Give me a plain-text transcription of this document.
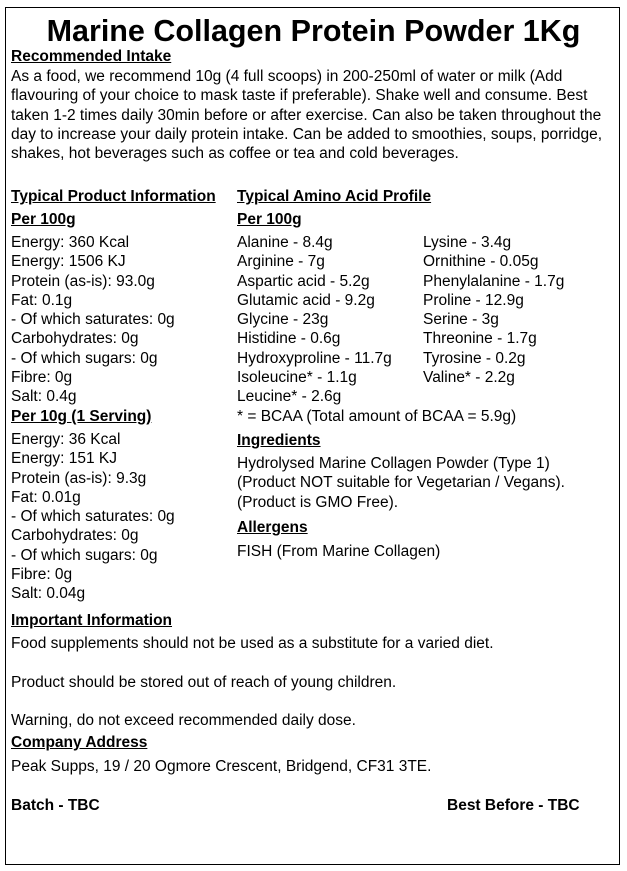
Marine Collagen Protein Powder 1Kg
Recommended Intake
As a food, we recommend 10g (4 full scoops) in 200-250ml of water or milk (Add flavouring of your choice to mask taste if preferable). Shake well and consume. Best taken 1-2 times daily 30min before or after exercise. Can also be taken throughout the day to increase your daily protein intake. Can be added to smoothies, soups, porridge, shakes, hot beverages such as coffee or tea and cold beverages.
Typical Product Information
Per 100g
Energy: 360 Kcal
Energy: 1506 KJ
Protein (as-is): 93.0g
Fat: 0.1g
- Of which saturates: 0g
Carbohydrates: 0g
- Of which sugars: 0g
Fibre: 0g
Salt: 0.4g
Per 10g (1 Serving)
Energy: 36 Kcal
Energy: 151 KJ
Protein (as-is): 9.3g
Fat: 0.01g
- Of which saturates: 0g
Carbohydrates: 0g
- Of which sugars: 0g
Fibre: 0g
Salt: 0.04g
Typical Amino Acid Profile
Per 100g
Alanine - 8.4g
Arginine - 7g
Aspartic acid - 5.2g
Glutamic acid - 9.2g
Glycine - 23g
Histidine - 0.6g
Hydroxyproline - 11.7g
Isoleucine* - 1.1g
Leucine* - 2.6g
Lysine - 3.4g
Ornithine - 0.05g
Phenylalanine - 1.7g
Proline - 12.9g
Serine - 3g
Threonine - 1.7g
Tyrosine - 0.2g
Valine* - 2.2g
* = BCAA (Total amount of BCAA = 5.9g)
Ingredients
Hydrolysed Marine Collagen Powder (Type 1)
(Product NOT suitable for Vegetarian / Vegans).
(Product is GMO Free).
Allergens
FISH (From Marine Collagen)
Important Information
Food supplements should not be used as a substitute for a varied diet.
Product should be stored out of reach of young children.
Warning, do not exceed recommended daily dose.
Company Address
Peak Supps, 19 / 20 Ogmore Crescent, Bridgend, CF31 3TE.
Batch - TBC	Best Before - TBC
